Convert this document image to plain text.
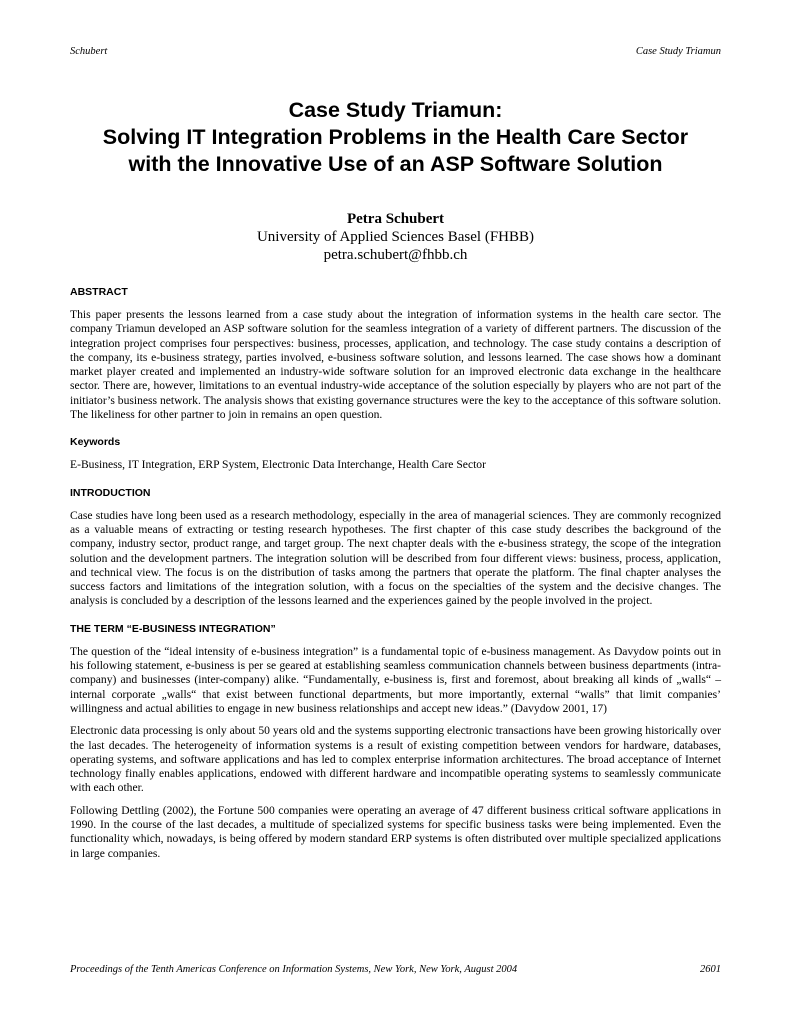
Schubert	Case Study Triamun
Case Study Triamun:
Solving IT Integration Problems in the Health Care Sector
with the Innovative Use of an ASP Software Solution
Petra Schubert
University of Applied Sciences Basel (FHBB)
petra.schubert@fhbb.ch
ABSTRACT

This paper presents the lessons learned from a case study about the integration of information systems in the health care sector. The company Triamun developed an ASP software solution for the seamless integration of a variety of different partners. The discussion of the integration project comprises four perspectives: business, processes, application, and technology. The case study contains a description of the company, its e-business strategy, parties involved, e-business software solution, and lessons learned. The case shows how a dominant market player created and implemented an industry-wide software solution for an improved electronic data exchange in the healthcare sector. There are, however, limitations to an eventual industry-wide acceptance of the solution especially by players who are not part of the initiator’s business network. The analysis shows that existing governance structures were the key to the acceptance of this software solution. The likeliness for other partner to join in remains an open question.

Keywords

E-Business, IT Integration, ERP System, Electronic Data Interchange, Health Care Sector

INTRODUCTION

Case studies have long been used as a research methodology, especially in the area of managerial sciences. They are commonly recognized as a valuable means of extracting or testing research hypotheses. The first chapter of this case study describes the background of the company, industry sector, product range, and target group. The next chapter deals with the e-business strategy, the scope of the integration solution and the development partners. The integration solution will be described from four different views: business, process, application, and technical view. The focus is on the distribution of tasks among the partners that operate the platform. The final chapter analyses the success factors and limitations of the integration solution, with a focus on the specialties of the system and the decisive changes. The analysis is concluded by a description of the lessons learned and the experiences gained by the people involved in the project.

THE TERM “E-BUSINESS INTEGRATION”

The question of the “ideal intensity of e-business integration” is a fundamental topic of e-business management. As Davydow points out in his following statement, e-business is per se geared at establishing seamless communication channels between business departments (intra-company) and businesses (inter-company) alike. “Fundamentally, e-business is, first and foremost, about breaking all kinds of „walls“ – internal corporate „walls“ that exist between functional departments, but more importantly, external “walls” that limit companies’ willingness and actual abilities to engage in new business relationships and accept new ideas.” (Davydow 2001, 17)

Electronic data processing is only about 50 years old and the systems supporting electronic transactions have been growing historically over the last decades. The heterogeneity of information systems is a result of existing competition between vendors for hardware, databases, operating systems, and software applications and has led to complex enterprise information architectures. The broad acceptance of Internet technology finally enables applications, endowed with different hardware and incompatible operating systems to seamlessly communicate with each other.

Following Dettling (2002), the Fortune 500 companies were operating an average of 47 different business critical software applications in 1990. In the course of the last decades, a multitude of specialized systems for specific business tasks were being implemented. Even the functionality which, nowadays, is being offered by modern standard ERP systems is often distributed over multiple specialized applications in large companies.

Proceedings of the Tenth Americas Conference on Information Systems, New York, New York, August 2004	2601
